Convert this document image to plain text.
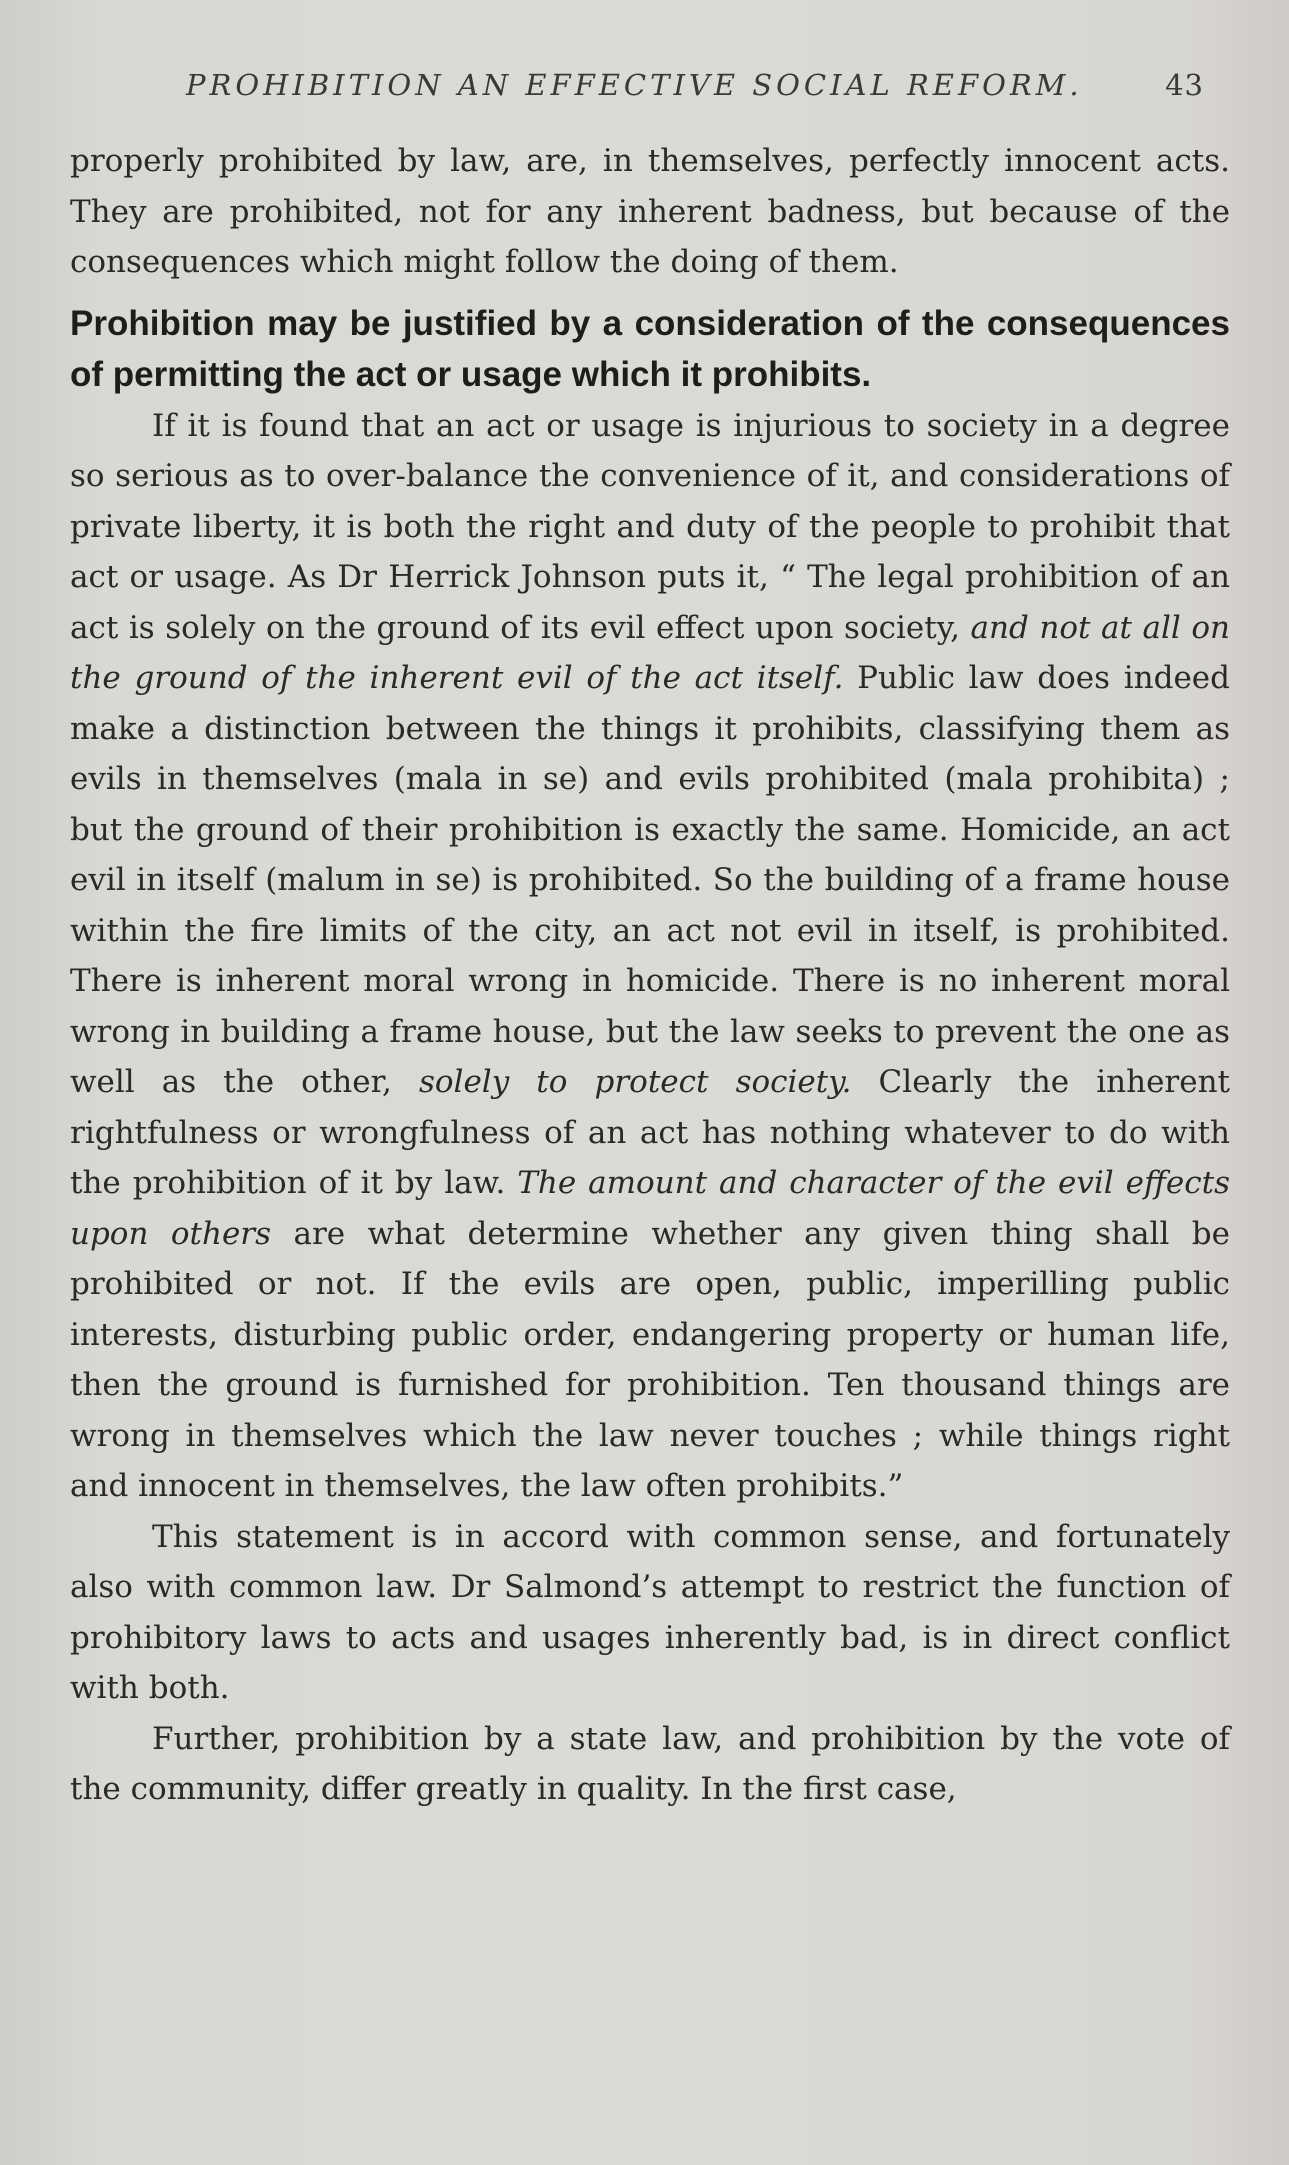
PROHIBITION AN EFFECTIVE SOCIAL REFORM.	43

properly prohibited by law, are, in themselves, perfectly innocent acts. They are prohibited, not for any inherent badness, but because of the consequences which might follow the doing of them.

Prohibition may be justified by a consideration of the consequences of permitting the act or usage which it prohibits.

If it is found that an act or usage is injurious to society in a degree so serious as to over-balance the convenience of it, and considerations of private liberty, it is both the right and duty of the people to prohibit that act or usage. As Dr Herrick Johnson puts it, “ The legal prohibition of an act is solely on the ground of its evil effect upon society, and not at all on the ground of the inherent evil of the act itself. Public law does indeed make a distinction between the things it prohibits, classifying them as evils in themselves (mala in se) and evils prohibited (mala prohibita) ; but the ground of their prohibition is exactly the same. Homicide, an act evil in itself (malum in se) is prohibited. So the building of a frame house within the fire limits of the city, an act not evil in itself, is prohibited. There is inherent moral wrong in homicide. There is no inherent moral wrong in building a frame house, but the law seeks to prevent the one as well as the other, solely to protect society. Clearly the inherent rightfulness or wrongfulness of an act has nothing whatever to do with the prohibition of it by law. The amount and character of the evil effects upon others are what determine whether any given thing shall be prohibited or not. If the evils are open, public, imperilling public interests, disturbing public order, endangering property or human life, then the ground is furnished for prohibition. Ten thousand things are wrong in themselves which the law never touches ; while things right and innocent in themselves, the law often prohibits.”

This statement is in accord with common sense, and fortunately also with common law. Dr Salmond’s attempt to restrict the function of prohibitory laws to acts and usages inherently bad, is in direct conflict with both.

Further, prohibition by a state law, and prohibition by the vote of the community, differ greatly in quality. In the first case,
